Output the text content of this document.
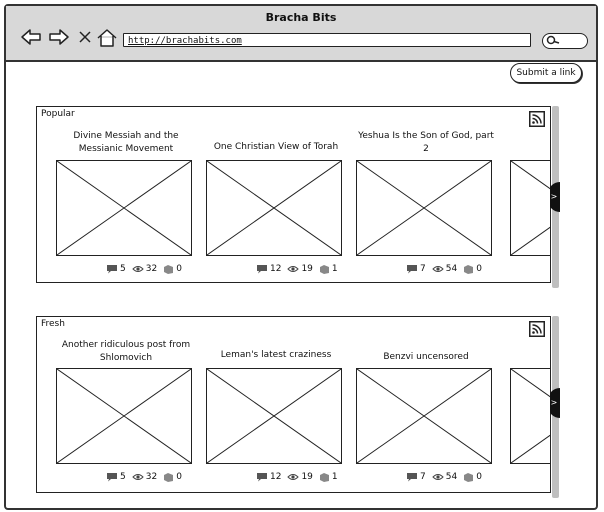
Bracha Bits
http://brachabits.com
Submit a link
Popular
>
Divine Messiah and the Messianic Movement
5 32 0
One Christian View of Torah
12 19 1
Yeshua Is the Son of God, part 2
7 54 0
Fresh
>
Another ridiculous post from Shlomovich
5 32 0
Leman's latest craziness
12 19 1
Benzvi uncensored
7 54 0
